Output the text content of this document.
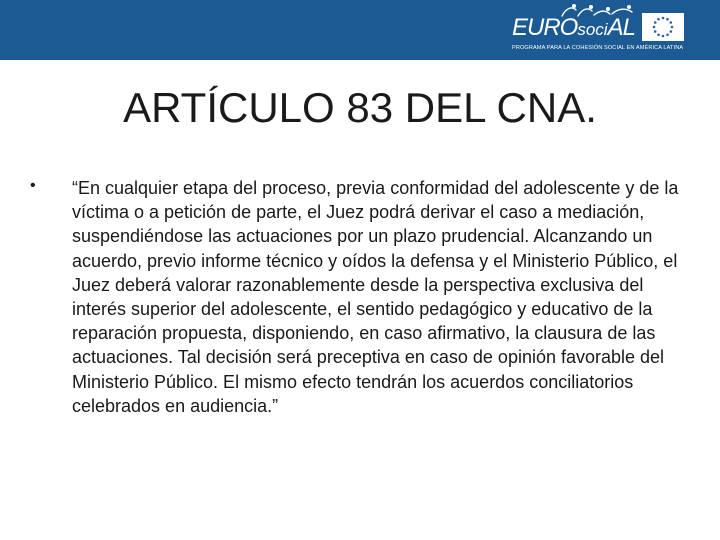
EUROsociAL
PROGRAMA PARA LA COHESIÓN SOCIAL EN AMÉRICA LATINA
ARTÍCULO 83 DEL CNA.
• “En cualquier etapa del proceso, previa conformidad del adolescente y de la víctima o a petición de parte, el Juez podrá derivar el caso a mediación, suspendiéndose las actuaciones por un plazo prudencial. Alcanzando un acuerdo, previo informe técnico y oídos la defensa y el Ministerio Público, el Juez deberá valorar razonablemente desde la perspectiva exclusiva del interés superior del adolescente, el sentido pedagógico y educativo de la reparación propuesta, disponiendo, en caso afirmativo, la clausura de las actuaciones. Tal decisión será preceptiva en caso de opinión favorable del Ministerio Público. El mismo efecto tendrán los acuerdos conciliatorios celebrados en audiencia.”
